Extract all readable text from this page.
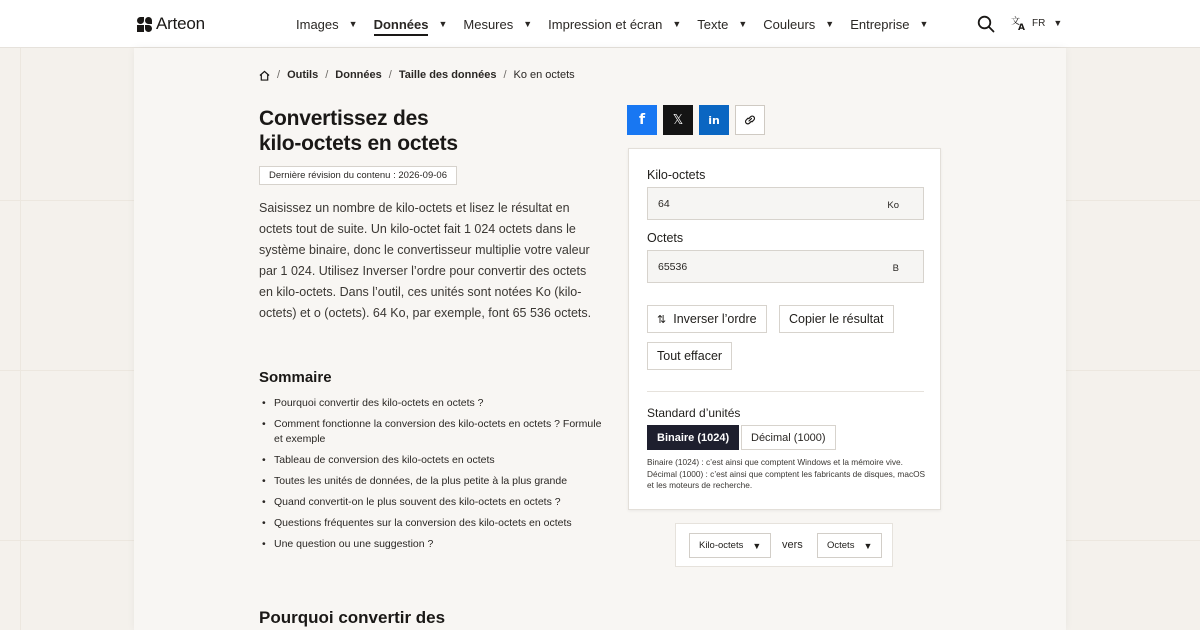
Arteon	Images ▼ Données ▼ Mesures ▼ Impression et écran ▼ Texte ▼ Couleurs ▼ Entreprise ▼	文
A FR ▼
/ Outils / Données / Taille des données / Ko en octets
Convertissez des
kilo-octets en octets
Dernière révision du contenu : 2026-09-06

Saisissez un nombre de kilo-octets et lisez le résultat en octets tout de suite. Un kilo-octet fait 1 024 octets dans le système binaire, donc le convertisseur multiplie votre valeur par 1 024. Utilisez Inverser l’ordre pour convertir des octets en kilo-octets. Dans l’outil, ces unités sont notées Ko (kilo-octets) et o (octets). 64 Ko, par exemple, font 65 536 octets.

Sommaire
• Pourquoi convertir des kilo-octets en octets ?
• Comment fonctionne la conversion des kilo-octets en octets ? Formule et exemple
• Tableau de conversion des kilo-octets en octets
• Toutes les unités de données, de la plus petite à la plus grande
• Quand convertit-on le plus souvent des kilo-octets en octets ?
• Questions fréquentes sur la conversion des kilo-octets en octets
• Une question ou une suggestion ?
Pourquoi convertir des
f 𝕏 in
Kilo-octets
64
Ko
Octets
65536
B
⇅ Inverser l’ordre	Copier le résultat
Tout effacer
Standard d’unités
Binaire (1024)	Décimal (1000)

Binaire (1024) : c’est ainsi que comptent Windows et la mémoire vive. Décimal (1000) : c’est ainsi que comptent les fabricants de disques, macOS et les moteurs de recherche.

Kilo-octets ▼ vers	Octets ▼
